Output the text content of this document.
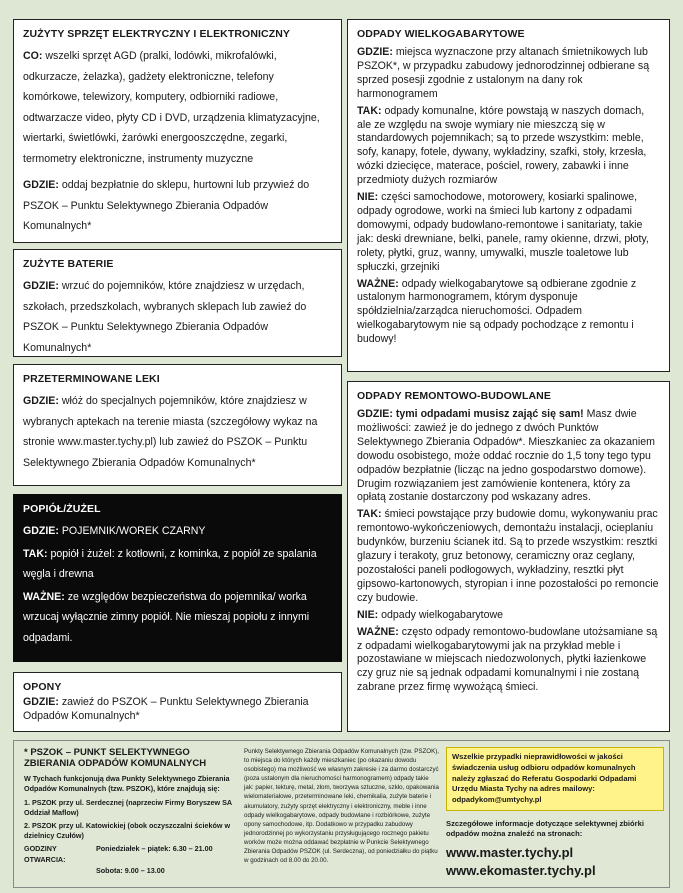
ZUŻYTY SPRZĘT ELEKTRYCZNY I ELEKTRONICZNY

CO: wszelki sprzęt AGD (pralki, lodówki, mikrofalówki, odkurzacze, żelazka), gadżety elektroniczne, telefony komórkowe, telewizory, komputery, odbiorniki radiowe, odtwarzacze video, płyty CD i DVD, urządzenia klimatyzacyjne, wiertarki, świetlówki, żarówki energooszczędne, zegarki, termometry elektroniczne, instrumenty muzyczne

GDZIE: oddaj bezpłatnie do sklepu, hurtowni lub przywieź do PSZOK – Punktu Selektywnego Zbierania Odpadów Komunalnych*

ZUŻYTE BATERIE

GDZIE: wrzuć do pojemników, które znajdziesz w urzędach, szkołach, przedszkolach, wybranych sklepach lub zawieź do PSZOK – Punktu Selektywnego Zbierania Odpadów Komunalnych*

PRZETERMINOWANE LEKI

GDZIE: włóż do specjalnych pojemników, które znajdziesz w wybranych aptekach na terenie miasta (szczegółowy wykaz na stronie www.master.tychy.pl) lub zawieź do PSZOK – Punktu Selektywnego Zbierania Odpadów Komunalnych*

POPIÓŁ/ŻUŻEL

GDZIE: POJEMNIK/WOREK CZARNY

TAK: popiół i żużel: z kotłowni, z kominka, z popiół ze spalania węgla i drewna

WAŻNE: ze względów bezpieczeństwa do pojemnika/ worka wrzucaj wyłącznie zimny popiół. Nie mieszaj popiołu z innymi odpadami.

OPONY

GDZIE: zawieź do PSZOK – Punktu Selektywnego Zbierania Odpadów Komunalnych*

ODPADY WIELKOGABARYTOWE

GDZIE: miejsca wyznaczone przy altanach śmietnikowych lub PSZOK*, w przypadku zabudowy jednorodzinnej odbierane są sprzed posesji zgodnie z ustalonym na dany rok harmonogramem

TAK: odpady komunalne, które powstają w naszych domach, ale ze względu na swoje wymiary nie mieszczą się w standardowych pojemnikach; są to przede wszystkim: meble, sofy, kanapy, fotele, dywany, wykładziny, szafki, stoły, krzesła, wózki dziecięce, materace, pościel, rowery, zabawki i inne przedmioty dużych rozmiarów

NIE: części samochodowe, motorowery, kosiarki spalinowe, odpady ogrodowe, worki na śmieci lub kartony z odpadami domowymi, odpady budowlano-remontowe i sanitariaty, takie jak: deski drewniane, belki, panele, ramy okienne, drzwi, płoty, rolety, płytki, gruz, wanny, umywalki, muszle toaletowe lub spłuczki, grzejniki

WAŻNE: odpady wielkogabarytowe są odbierane zgodnie z ustalonym harmonogramem, którym dysponuje spółdzielnia/zarządca nieruchomości. Odpadem wielkogabarytowym nie są odpady pochodzące z remontu i budowy!

ODPADY REMONTOWO-BUDOWLANE

GDZIE: tymi odpadami musisz zająć się sam! Masz dwie możliwości: zawieź je do jednego z dwóch Punktów Selektywnego Zbierania Odpadów*. Mieszkaniec za okazaniem dowodu osobistego, może oddać rocznie do 1,5 tony tego typu odpadów bezpłatnie (licząc na jedno gospodarstwo domowe). Drugim rozwiązaniem jest zamówienie kontenera, który za opłatą zostanie dostarczony pod wskazany adres.

TAK: śmieci powstające przy budowie domu, wykonywaniu prac remontowo-wykończeniowych, demontażu instalacji, ocieplaniu budynków, burzeniu ścianek itd. Są to przede wszystkim: resztki glazury i terakoty, gruz betonowy, ceramiczny oraz ceglany, pozostałości paneli podłogowych, wykładziny, resztki płyt gipsowo-kartonowych, styropian i inne pozostałości po remoncie czy budowie.

NIE: odpady wielkogabarytowe

WAŻNE: często odpady remontowo-budowlane utożsamiane są z odpadami wielkogabarytowymi jak na przykład meble i pozostawiane w miejscach niedozwolonych, płytki łazienkowe czy gruz nie są jednak odpadami komunalnymi i nie zostaną zabrane przez firmę wywożącą śmieci.

* PSZOK – PUNKT SELEKTYWNEGO ZBIERANIA ODPADÓW KOMUNALNYCH
W Tychach funkcjonują dwa Punkty Selektywnego Zbierania Odpadów Komunalnych (tzw. PSZOK), które znajdują się:
1. PSZOK przy ul. Serdecznej (naprzeciw Firmy Boryszew SA Oddział Maflow)
2. PSZOK przy ul. Katowickiej (obok oczyszczalni ścieków w dzielnicy Czułów)
GODZINY OTWARCIA:
Poniedziałek – piątek: 6.30 – 21.00
Sobota: 9.00 – 13.00
Punkty Selektywnego Zbierania Odpadów Komunalnych (tzw. PSZOK), to miejsca do których każdy mieszkaniec (po okazaniu dowodu osobistego) ma możliwość we własnym zakresie i za darmo dostarczyć (poza ustalonym dla nieruchomości harmonogramem) odpady takie jak: papier, tekturę, metal, złom, tworzywa sztuczne, szkło, opakowania wielomateriałowe, przeterminowane leki, chemikalia, zużyte baterie i akumulatory, zużyty sprzęt elektryczny i elektroniczny, meble i inne odpady wielkogabarytowe, odpady budowlane i rozbiórkowe, zużyte opony samochodowe, itp. Dodatkowo w przypadku zabudowy jednorodzinnej po wykorzystaniu przysługującego rocznego pakietu worków może można oddawać bezpłatnie w Punkcie Selektywnego Zbierania Odpadów PSZOK (ul. Serdeczna), od poniedziałku do piątku w godzinach od 8.00 do 20.00.
Wszelkie przypadki nieprawidłowości w jakości świadczenia usług odbioru odpadów komunalnych należy zgłaszać do Referatu Gospodarki Odpadami Urzędu Miasta Tychy na adres mailowy: odpadykom@umtychy.pl
Szczegółowe informacje dotyczące selektywnej zbiórki odpadów można znaleźć na stronach:
www.master.tychy.pl
www.ekomaster.tychy.pl
